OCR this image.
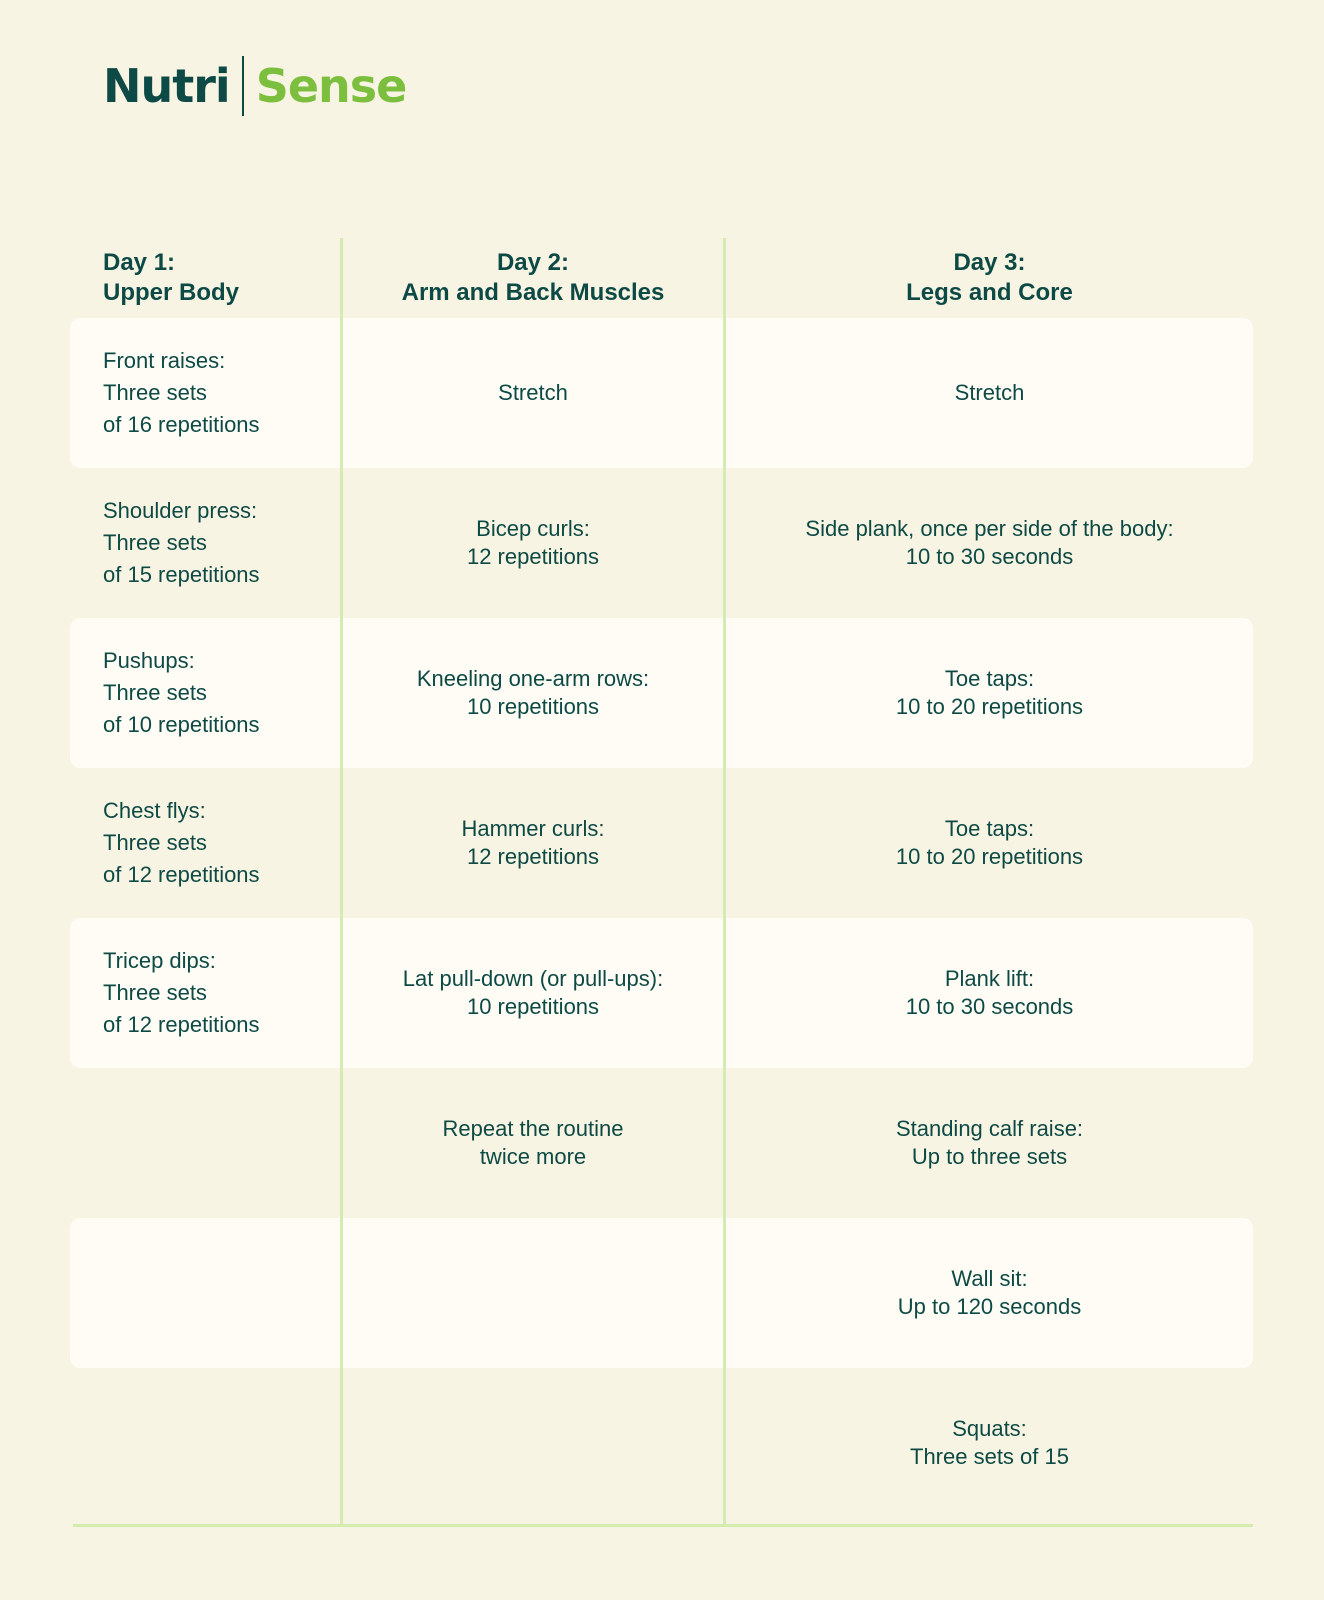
Nutri Sense
Front raises:
Three sets
of 16 repetitions
Stretch	Stretch
Shoulder press:
Three sets
of 15 repetitions
Bicep curls:
12 repetitions
Side plank, once per side of the body:
10 to 30 seconds
Pushups:
Three sets
of 10 repetitions
Kneeling one-arm rows:
10 repetitions
Toe taps:
10 to 20 repetitions
Chest flys:
Three sets
of 12 repetitions
Hammer curls:
12 repetitions
Toe taps:
10 to 20 repetitions
Tricep dips:
Three sets
of 12 repetitions
Lat pull-down (or pull-ups):
10 repetitions
Plank lift:
10 to 30 seconds
Repeat the routine
twice more
Standing calf raise:
Up to three sets
Wall sit:
Up to 120 seconds
Squats:
Three sets of 15
Day 1:
Upper Body
Day 2:
Arm and Back Muscles
Day 3:
Legs and Core
